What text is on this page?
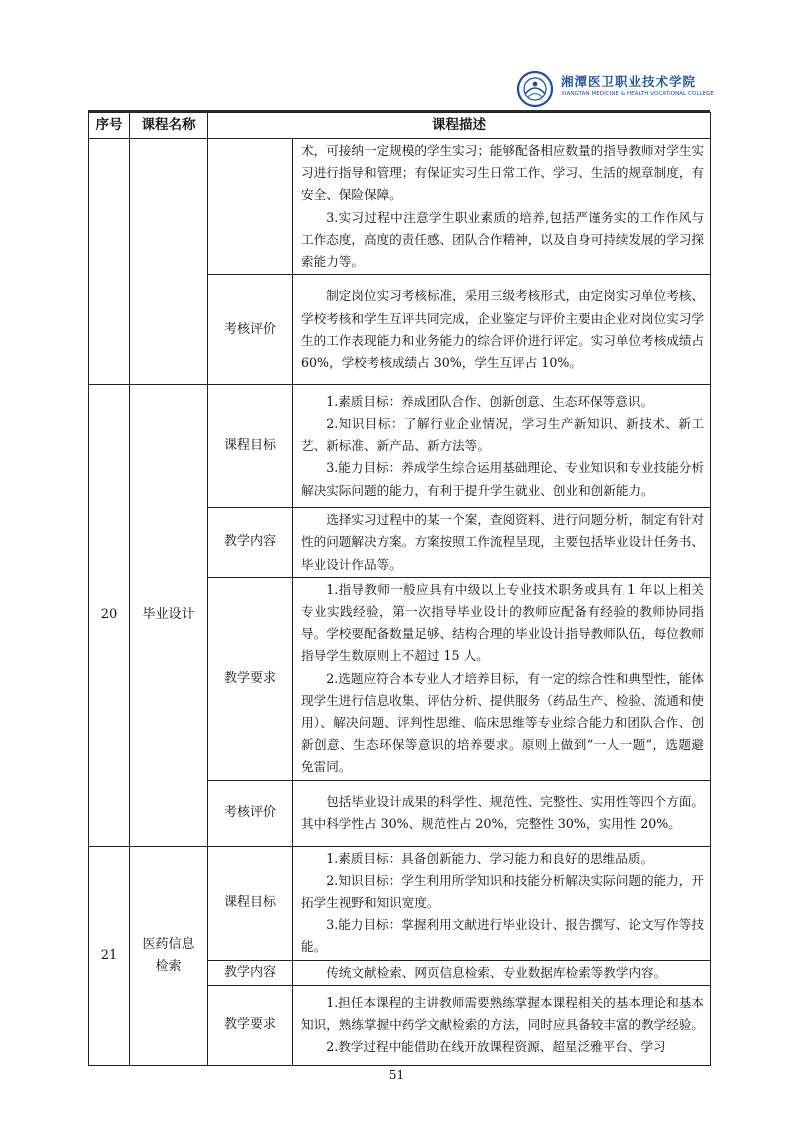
湘潭医卫职业技术学院
XIANGTAN MEDICINE & HEALTH VOCATIONAL COLLEGE
序号	课程名称	课程描述	

			术，可接纳一定规模的学生实习；能够配备相应数量的指导教师对学生实习进行指导和管理；有保证实习生日常工作、学习、生活的规章制度，有安全、保险保障。

3.实习过程中注意学生职业素质的培养,包括严谨务实的工作作风与工作态度，高度的责任感、团队合作精神，以及自身可持续发展的学习探索能力等。

		考核评价	制定岗位实习考核标准，采用三级考核形式，由定岗实习单位考核、学校考核和学生互评共同完成，企业鉴定与评价主要由企业对岗位实习学生的工作表现能力和业务能力的综合评价进行评定。实习单位考核成绩占 60%，学校考核成绩占 30%，学生互评占 10%。

20	毕业设计	课程目标	1.素质目标：养成团队合作、创新创意、生态环保等意识。

2.知识目标：了解行业企业情况，学习生产新知识、新技术、新工艺、新标准、新产品、新方法等。

3.能力目标：养成学生综合运用基础理论、专业知识和专业技能分析解决实际问题的能力，有利于提升学生就业、创业和创新能力。

		教学内容	选择实习过程中的某一个案，查阅资料、进行问题分析，制定有针对性的问题解决方案。方案按照工作流程呈现，主要包括毕业设计任务书、毕业设计作品等。

		教学要求	1.指导教师一般应具有中级以上专业技术职务或具有 1 年以上相关专业实践经验，第一次指导毕业设计的教师应配备有经验的教师协同指导。学校要配备数量足够、结构合理的毕业设计指导教师队伍，每位教师指导学生数原则上不超过 15 人。

2.选题应符合本专业人才培养目标，有一定的综合性和典型性，能体现学生进行信息收集、评估分析、提供服务（药品生产、检验、流通和使用）、解决问题、评判性思维、临床思维等专业综合能力和团队合作、创新创意、生态环保等意识的培养要求。原则上做到“一人一题”，选题避免雷同。

		考核评价	包括毕业设计成果的科学性、规范性、完整性、实用性等四个方面。其中科学性占 30%、规范性占 20%，完整性 30%，实用性 20%。

21	医药信息检索	课程目标	1.素质目标：具备创新能力、学习能力和良好的思维品质。

2.知识目标：学生利用所学知识和技能分析解决实际问题的能力，开拓学生视野和知识宽度。

3.能力目标：掌握利用文献进行毕业设计、报告撰写、论文写作等技能。

		教学内容	传统文献检索、网页信息检索、专业数据库检索等教学内容。

		教学要求	1.担任本课程的主讲教师需要熟练掌握本课程相关的基本理论和基本知识，熟练掌握中药学文献检索的方法，同时应具备较丰富的教学经验。

2.教学过程中能借助在线开放课程资源、超星泛雅平台、学习

51
